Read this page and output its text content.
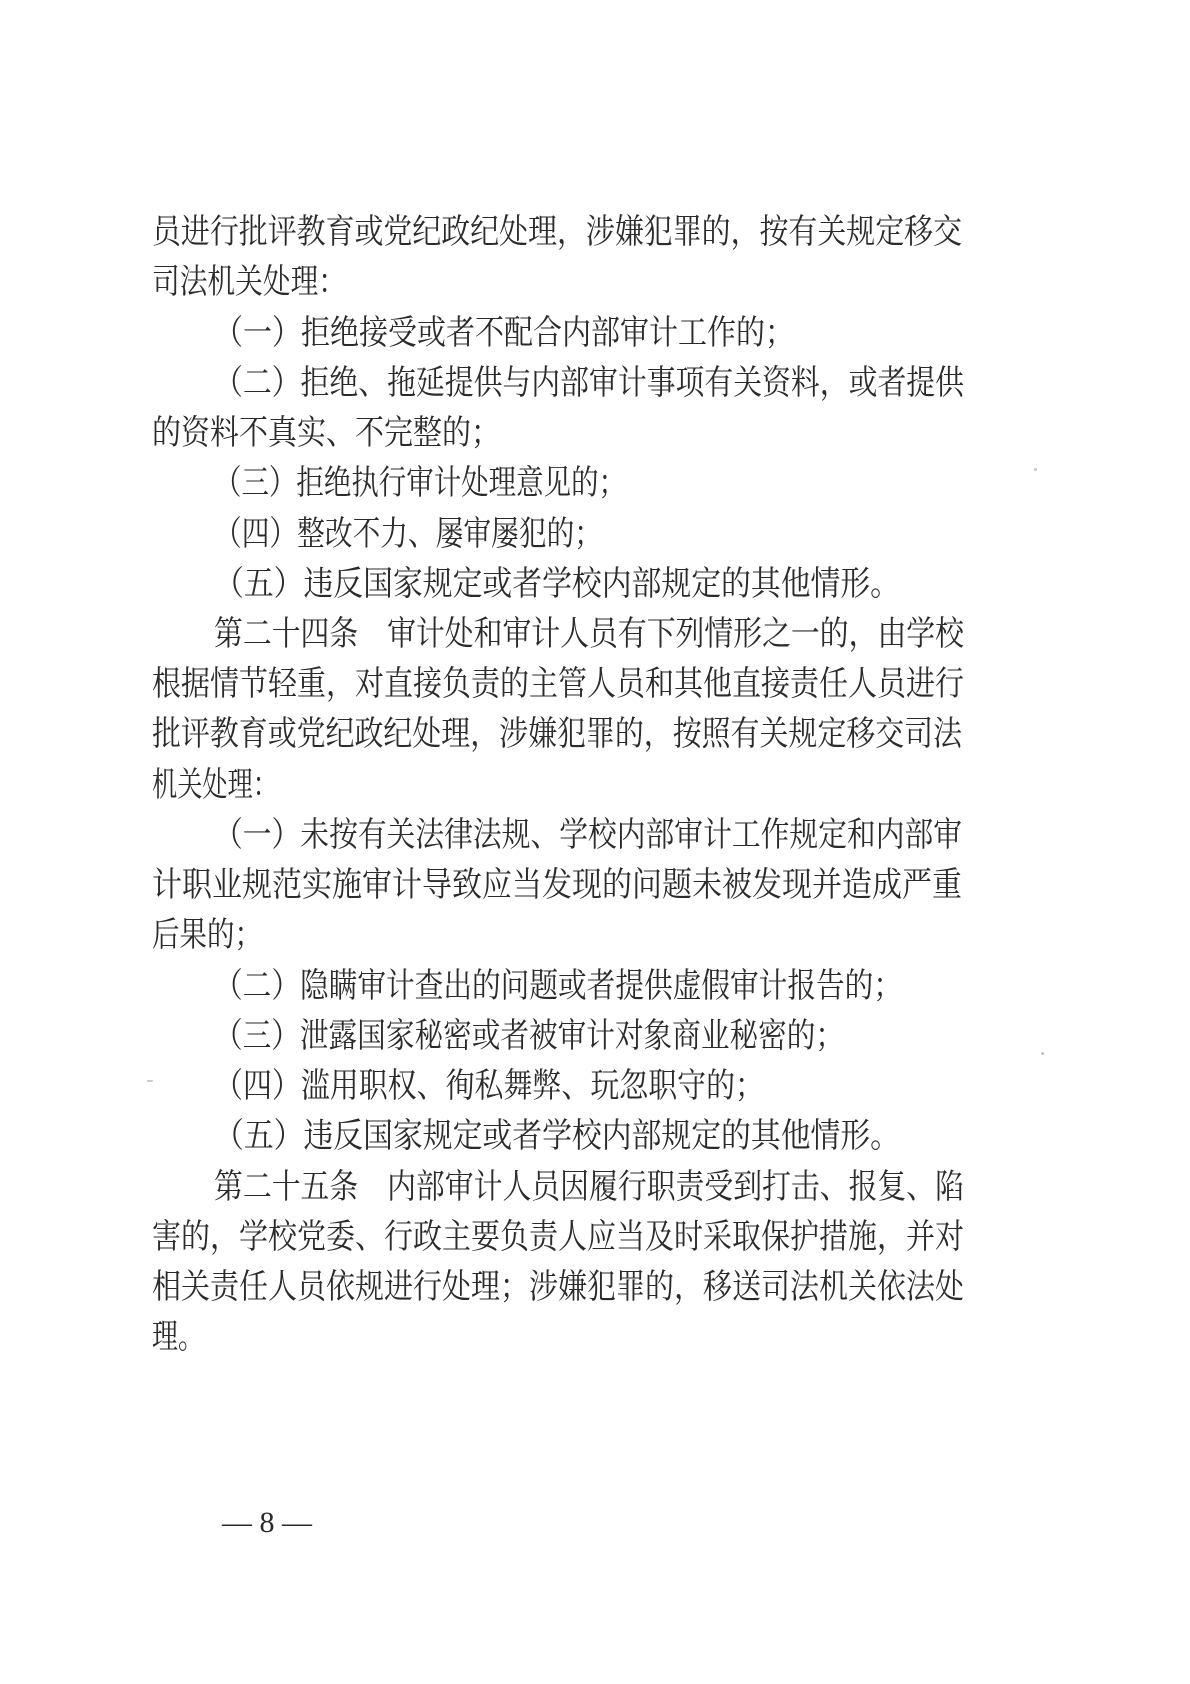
员进行批评教育或党纪政纪处理，涉嫌犯罪的，按有关规定移交
司法机关处理：
（一）拒绝接受或者不配合内部审计工作的；
（二）拒绝、拖延提供与内部审计事项有关资料，或者提供
的资料不真实、不完整的；
（三）拒绝执行审计处理意见的；
（四）整改不力、屡审屡犯的；
（五）违反国家规定或者学校内部规定的其他情形。
第二十四条　审计处和审计人员有下列情形之一的，由学校
根据情节轻重，对直接负责的主管人员和其他直接责任人员进行
批评教育或党纪政纪处理，涉嫌犯罪的，按照有关规定移交司法
机关处理：
（一）未按有关法律法规、学校内部审计工作规定和内部审
计职业规范实施审计导致应当发现的问题未被发现并造成严重
后果的；
（二）隐瞒审计查出的问题或者提供虚假审计报告的；
（三）泄露国家秘密或者被审计对象商业秘密的；
（四）滥用职权、徇私舞弊、玩忽职守的；
（五）违反国家规定或者学校内部规定的其他情形。
第二十五条　内部审计人员因履行职责受到打击、报复、陷
害的，学校党委、行政主要负责人应当及时采取保护措施，并对
相关责任人员依规进行处理；涉嫌犯罪的，移送司法机关依法处
理。
— 8 —
